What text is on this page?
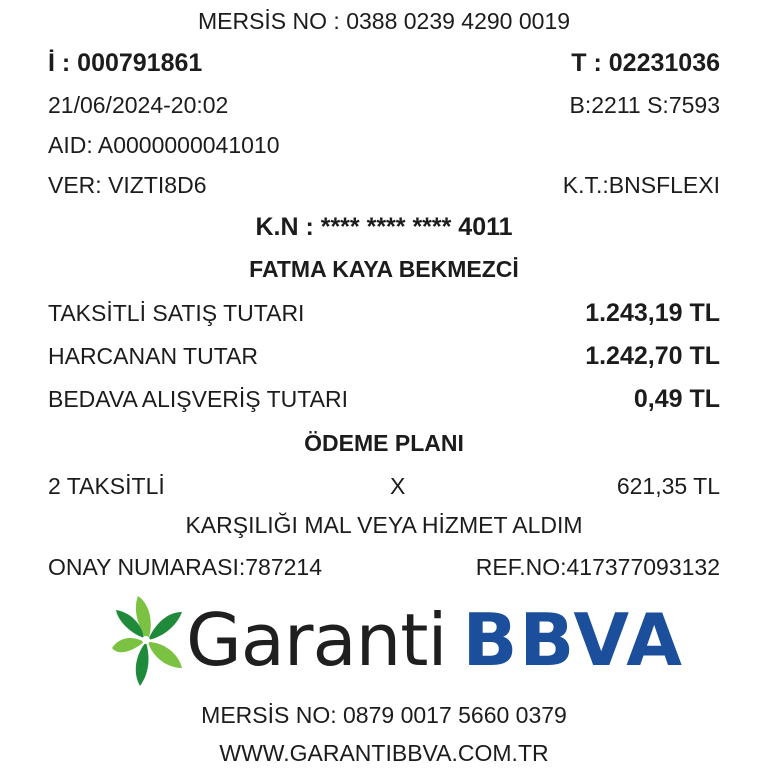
MERSİS NO : 0388 0239 4290 0019
İ : 000791861	T : 02231036
21/06/2024-20:02	B:2211 S:7593
AID: A0000000041010
VER: VIZTI8D6	K.T.:BNSFLEXI
K.N : **** **** **** 4011
FATMA KAYA BEKMEZCİ
TAKSİTLİ SATIŞ TUTARI	1.243,19 TL
HARCANAN TUTAR	1.242,70 TL
BEDAVA ALIŞVERİŞ TUTARI	0,49 TL
ÖDEME PLANI
2 TAKSİTLİ	X	621,35 TL
KARŞILIĞI MAL VEYA HİZMET ALDIM
ONAY NUMARASI:787214	REF.NO:417377093132
Garanti BBVA
MERSİS NO: 0879 0017 5660 0379
WWW.GARANTIBBVA.COM.TR
